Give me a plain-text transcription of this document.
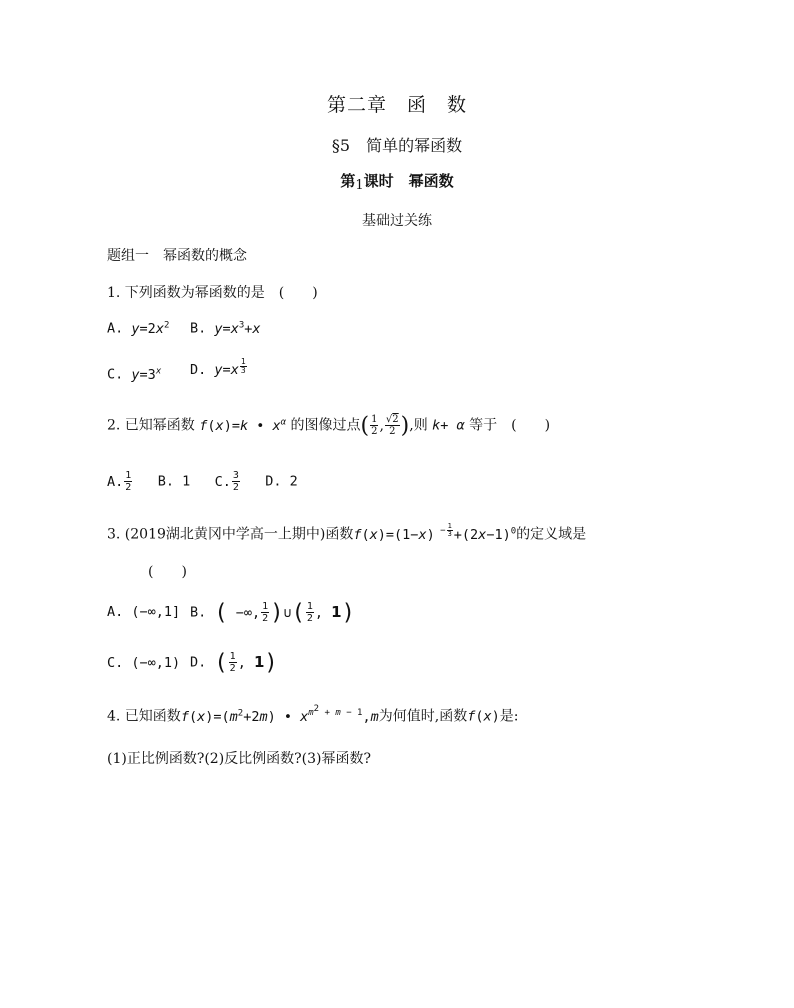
第二章　函　数
§5　简单的幂函数
第1课时　幂函数
基础过关练
题组一　幂函数的概念
1. 下列函数为幂函数的是　(　　)
A. $y=2x^2$ B. $y=x^3+x$
C. $y=3^x$ D. $y=x \frac{1}{3}$
2. 已知幂函数 f(x)=k • $x^\alpha$ 的图像过点( $\frac{1}{2}$ , $\frac{√2}{2}$ ),则 k+ α 等于　(　　)
A. $\frac{1}{2} B$. 1 C. $\frac{3}{2} D$. 2
3. (2019湖北黄冈中学高一上期中)函数f(x)=(1−x) $^{- \frac{1}{3}} +(2x-1)^0$的定义域是
(　　)
A. (−∞,1] B. ( −∞, $\frac{1}{2}$ )∪( $\frac{1}{2}$ , 1)
C. (−∞,1) D. ( $\frac{1}{2}$ , 1)
4. 已知函数$f(x)=(m^2+2m)$ • $x^{m^2 + m - 1},m$为何值时,函数f(x)是:
(1)正比例函数?(2)反比例函数?(3)幂函数?
